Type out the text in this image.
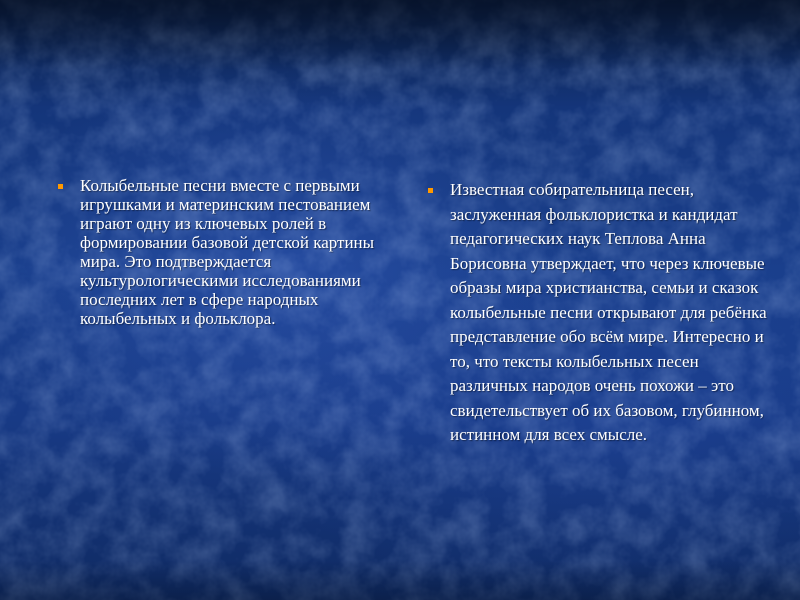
Колыбельные песни вместе с первыми игрушками и материнским пестованием играют одну из ключевых ролей в формировании базовой детской картины мира. Это подтверждается культурологическими исследованиями последних лет в сфере народных колыбельных и фольклора.
Известная собирательница песен, заслуженная фольклористка и кандидат педагогических наук Теплова Анна Борисовна утверждает, что через ключевые образы мира христианства, семьи и сказок колыбельные песни открывают для ребёнка представление обо всём мире. Интересно и то, что тексты колыбельных песен различных народов очень похожи – это свидетельствует об их базовом, глубинном, истинном для всех смысле.
